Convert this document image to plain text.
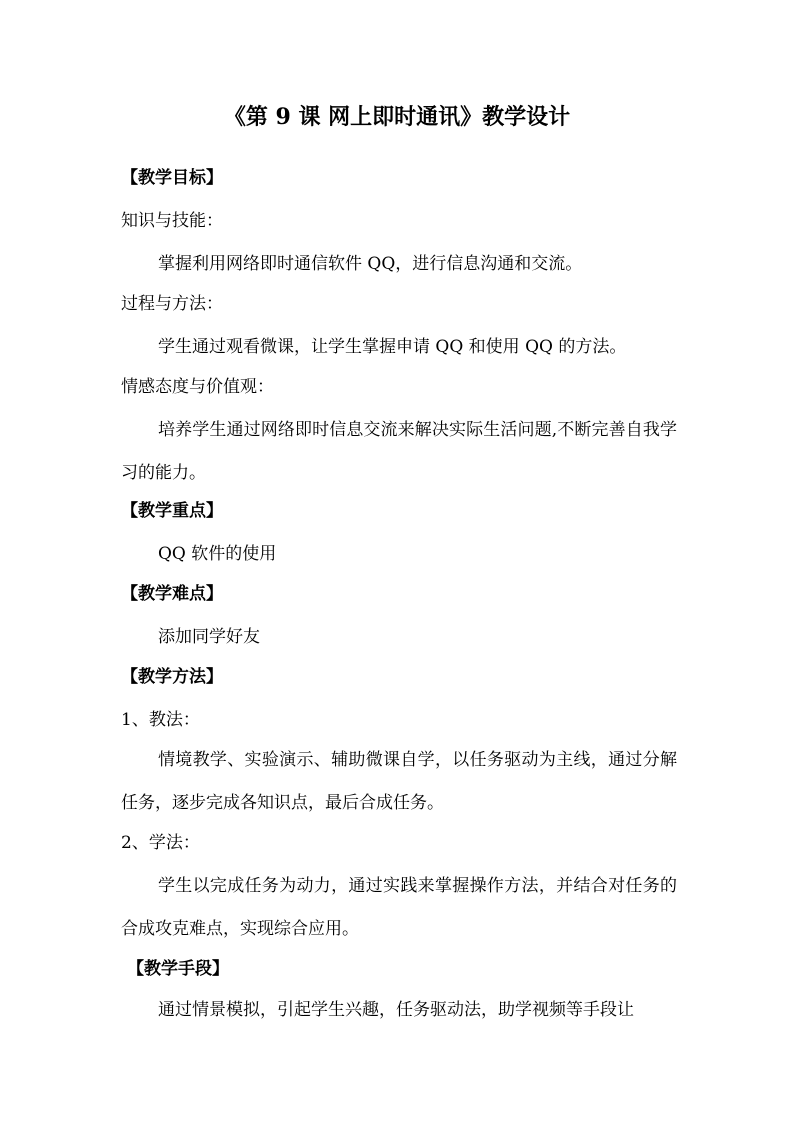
《第 9 课 网上即时通讯》教学设计
【教学目标】
知识与技能：
掌握利用网络即时通信软件 QQ，进行信息沟通和交流。
过程与方法：
学生通过观看微课，让学生掌握申请 QQ 和使用 QQ 的方法。
情感态度与价值观：
培养学生通过网络即时信息交流来解决实际生活问题,不断完善自我学习的能力。
【教学重点】
QQ 软件的使用
【教学难点】
添加同学好友
【教学方法】
1、教法：
情境教学、实验演示、辅助微课自学，以任务驱动为主线，通过分解任务，逐步完成各知识点，最后合成任务。
2、学法：
学生以完成任务为动力，通过实践来掌握操作方法，并结合对任务的合成攻克难点，实现综合应用。
【教学手段】
通过情景模拟，引起学生兴趣，任务驱动法，助学视频等手段让
